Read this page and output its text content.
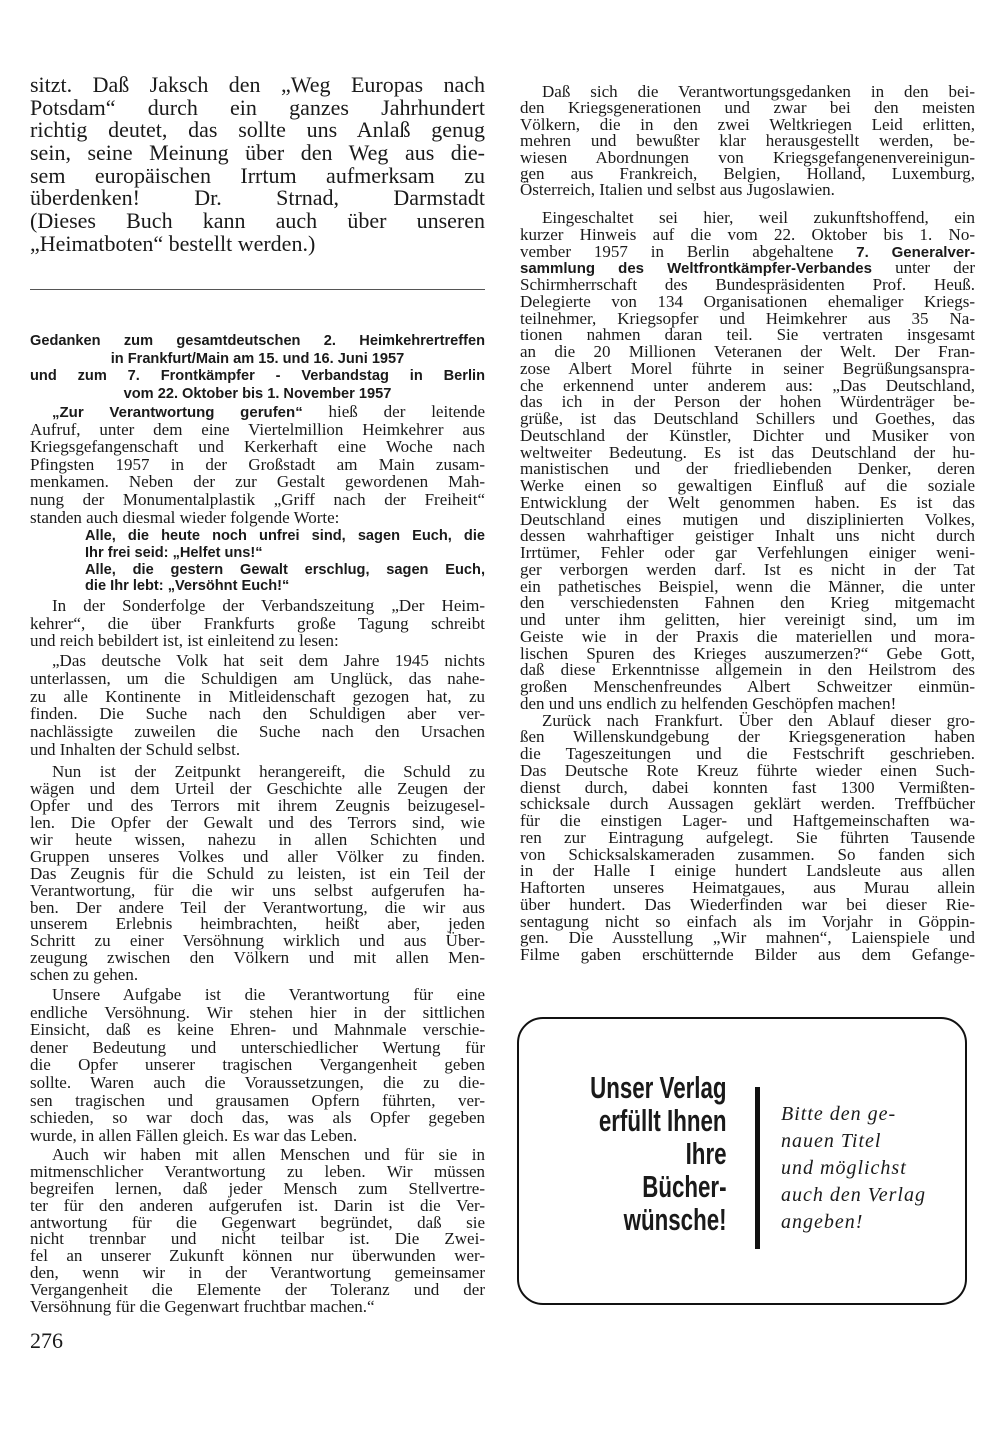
sitzt. Daß Jaksch den „Weg Europas nach
Potsdam“ durch ein ganzes Jahrhundert
richtig deutet, das sollte uns Anlaß genug
sein, seine Meinung über den Weg aus die-
sem europäischen Irrtum aufmerksam zu
überdenken! Dr. Strnad, Darmstadt
(Dieses Buch kann auch über unseren
„Heimatboten“ bestellt werden.)
Gedanken zum gesamtdeutschen 2. Heimkehrertreffen
in Frankfurt/Main am 15. und 16. Juni 1957
und zum 7. Frontkämpfer - Verbandstag in Berlin
vom 22. Oktober bis 1. November 1957
„Zur Verantwortung gerufen“ hieß der leitende
Aufruf, unter dem eine Viertelmillion Heimkehrer aus
Kriegsgefangenschaft und Kerkerhaft eine Woche nach
Pfingsten 1957 in der Großstadt am Main zusam-
menkamen. Neben der zur Gestalt gewordenen Mah-
nung der Monumentalplastik „Griff nach der Freiheit“
standen auch diesmal wieder folgende Worte:
Alle, die heute noch unfrei sind, sagen Euch, die
Ihr frei seid: „Helfet uns!“
Alle, die gestern Gewalt erschlug, sagen Euch,
die Ihr lebt: „Versöhnt Euch!“
In der Sonderfolge der Verbandszeitung „Der Heim-
kehrer“, die über Frankfurts große Tagung schreibt
und reich bebildert ist, ist einleitend zu lesen:
„Das deutsche Volk hat seit dem Jahre 1945 nichts
unterlassen, um die Schuldigen am Unglück, das nahe-
zu alle Kontinente in Mitleidenschaft gezogen hat, zu
finden. Die Suche nach den Schuldigen aber ver-
nachlässigte zuweilen die Suche nach den Ursachen
und Inhalten der Schuld selbst.
Nun ist der Zeitpunkt herangereift, die Schuld zu
wägen und dem Urteil der Geschichte alle Zeugen der
Opfer und des Terrors mit ihrem Zeugnis beizugesel-
len. Die Opfer der Gewalt und des Terrors sind, wie
wir heute wissen, nahezu in allen Schichten und
Gruppen unseres Volkes und aller Völker zu finden.
Das Zeugnis für die Schuld zu leisten, ist ein Teil der
Verantwortung, für die wir uns selbst aufgerufen ha-
ben. Der andere Teil der Verantwortung, die wir aus
unserem Erlebnis heimbrachten, heißt aber, jeden
Schritt zu einer Versöhnung wirklich und aus Über-
zeugung zwischen den Völkern und mit allen Men-
schen zu gehen.
Unsere Aufgabe ist die Verantwortung für eine
endliche Versöhnung. Wir stehen hier in der sittlichen
Einsicht, daß es keine Ehren- und Mahnmale verschie-
dener Bedeutung und unterschiedlicher Wertung für
die Opfer unserer tragischen Vergangenheit geben
sollte. Waren auch die Voraussetzungen, die zu die-
sen tragischen und grausamen Opfern führten, ver-
schieden, so war doch das, was als Opfer gegeben
wurde, in allen Fällen gleich. Es war das Leben.
Auch wir haben mit allen Menschen und für sie in
mitmenschlicher Verantwortung zu leben. Wir müssen
begreifen lernen, daß jeder Mensch zum Stellvertre-
ter für den anderen aufgerufen ist. Darin ist die Ver-
antwortung für die Gegenwart begründet, daß sie
nicht trennbar und nicht teilbar ist. Die Zwei-
fel an unserer Zukunft können nur überwunden wer-
den, wenn wir in der Verantwortung gemeinsamer
Vergangenheit die Elemente der Toleranz und der
Versöhnung für die Gegenwart fruchtbar machen.“
276
Daß sich die Verantwortungsgedanken in den bei-
den Kriegsgenerationen und zwar bei den meisten
Völkern, die in den zwei Weltkriegen Leid erlitten,
mehren und bewußter klar herausgestellt werden, be-
wiesen Abordnungen von Kriegsgefangenenvereinigun-
gen aus Frankreich, Belgien, Holland, Luxemburg,
Österreich, Italien und selbst aus Jugoslawien.
Eingeschaltet sei hier, weil zukunftshoffend, ein
kurzer Hinweis auf die vom 22. Oktober bis 1. No-
vember 1957 in Berlin abgehaltene 7. Generalver-
sammlung des Weltfrontkämpfer-Verbandes unter der
Schirmherrschaft des Bundespräsidenten Prof. Heuß.
Delegierte von 134 Organisationen ehemaliger Kriegs-
teilnehmer, Kriegsopfer und Heimkehrer aus 35 Na-
tionen nahmen daran teil. Sie vertraten insgesamt
an die 20 Millionen Veteranen der Welt. Der Fran-
zose Albert Morel führte in seiner Begrüßungsanspra-
che erkennend unter anderem aus: „Das Deutschland,
das ich in der Person der hohen Würdenträger be-
grüße, ist das Deutschland Schillers und Goethes, das
Deutschland der Künstler, Dichter und Musiker von
weltweiter Bedeutung. Es ist das Deutschland der hu-
manistischen und der friedliebenden Denker, deren
Werke einen so gewaltigen Einfluß auf die soziale
Entwicklung der Welt genommen haben. Es ist das
Deutschland eines mutigen und disziplinierten Volkes,
dessen wahrhaftiger geistiger Inhalt uns nicht durch
Irrtümer, Fehler oder gar Verfehlungen einiger weni-
ger verborgen werden darf. Ist es nicht in der Tat
ein pathetisches Beispiel, wenn die Männer, die unter
den verschiedensten Fahnen den Krieg mitgemacht
und unter ihm gelitten, hier vereinigt sind, um im
Geiste wie in der Praxis die materiellen und mora-
lischen Spuren des Krieges auszumerzen?“ Gebe Gott,
daß diese Erkenntnisse allgemein in den Heilstrom des
großen Menschenfreundes Albert Schweitzer einmün-
den und uns endlich zu helfenden Geschöpfen machen!
Zurück nach Frankfurt. Über den Ablauf dieser gro-
ßen Willenskundgebung der Kriegsgeneration haben
die Tageszeitungen und die Festschrift geschrieben.
Das Deutsche Rote Kreuz führte wieder einen Such-
dienst durch, dabei konnten fast 1300 Vermißten-
schicksale durch Aussagen geklärt werden. Treffbücher
für die einstigen Lager- und Haftgemeinschaften wa-
ren zur Eintragung aufgelegt. Sie führten Tausende
von Schicksalskameraden zusammen. So fanden sich
in der Halle I einige hundert Landsleute aus allen
Haftorten unseres Heimatgaues, aus Murau allein
über hundert. Das Wiederfinden war bei dieser Rie-
sentagung nicht so einfach als im Vorjahr in Göppin-
gen. Die Ausstellung „Wir mahnen“, Laienspiele und
Filme gaben erschütternde Bilder aus dem Gefange-
Unser Verlag
erfüllt Ihnen
Ihre
Bücher-
wünsche!
Bitte den ge-
nauen Titel
und möglichst
auch den Verlag
angeben!
